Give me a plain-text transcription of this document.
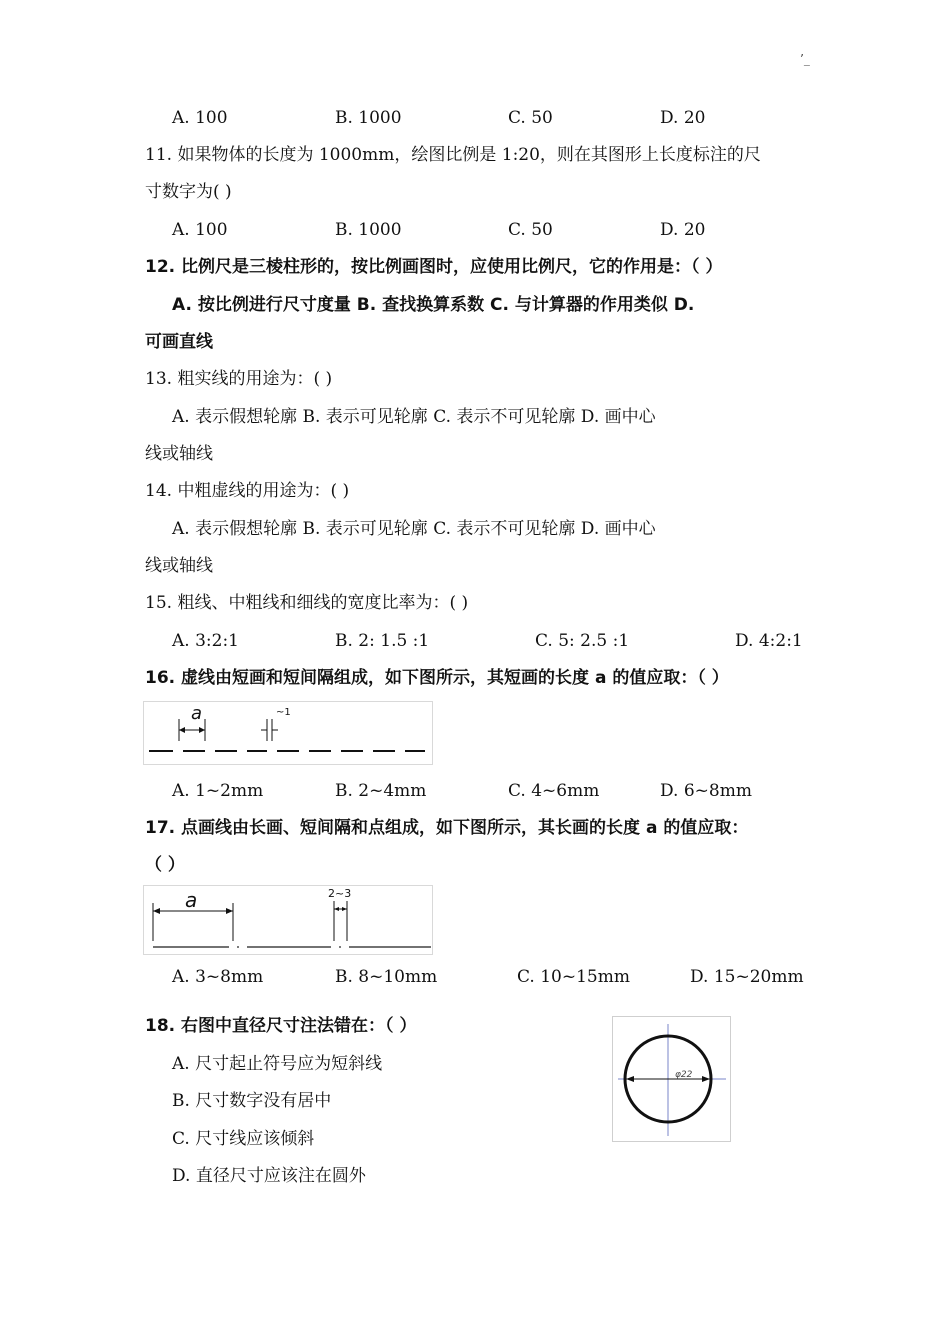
’_
A. 100	B. 1000	C. 50	D. 20
11. 如果物体的长度为 1000mm，绘图比例是 1:20，则在其图形上长度标注的尺
寸数字为( )
A. 100	B. 1000	C. 50	D. 20
12. 比例尺是三棱柱形的，按比例画图时，应使用比例尺，它的作用是：（ ）
A. 按比例进行尺寸度量 B. 查找换算系数 C. 与计算器的作用类似 D.
可画直线
13. 粗实线的用途为：( )
A. 表示假想轮廓 B. 表示可见轮廓 C. 表示不可见轮廓 D. 画中心
线或轴线
14. 中粗虚线的用途为：( )
A. 表示假想轮廓 B. 表示可见轮廓 C. 表示不可见轮廓 D. 画中心
线或轴线
15. 粗线、中粗线和细线的宽度比率为：( )
A. 3:2:1	B. 2: 1.5 :1	C. 5: 2.5 :1	D. 4:2:1
16. 虚线由短画和短间隔组成，如下图所示，其短画的长度 a 的值应取：（ ）
a	~1
A. 1~2mm	B. 2~4mm	C. 4~6mm	D. 6~8mm
17. 点画线由长画、短间隔和点组成，如下图所示，其长画的长度 a 的值应取：
（ ）
a	2~3
A. 3~8mm	B. 8~10mm	C. 10~15mm	D. 15~20mm
18. 右图中直径尺寸注法错在：（ ）
A. 尺寸起止符号应为短斜线
B. 尺寸数字没有居中
C. 尺寸线应该倾斜
D. 直径尺寸应该注在圆外
φ22
